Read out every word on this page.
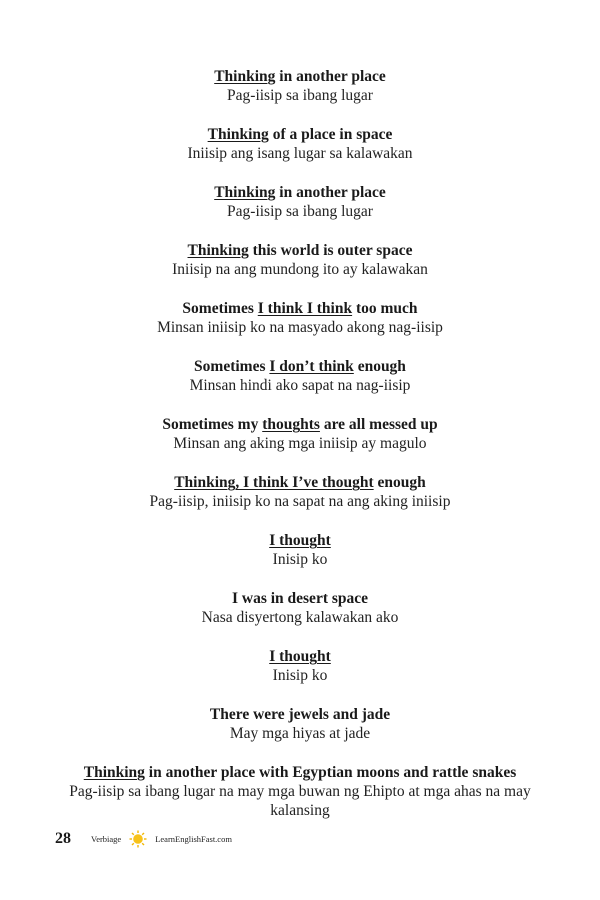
Thinking in another place
Pag-iisip sa ibang lugar
Thinking of a place in space
Iniisip ang isang lugar sa kalawakan
Thinking in another place
Pag-iisip sa ibang lugar
Thinking this world is outer space
Iniisip na ang mundong ito ay kalawakan
Sometimes I think I think too much
Minsan iniisip ko na masyado akong nag-iisip
Sometimes I don’t think enough
Minsan hindi ako sapat na nag-iisip
Sometimes my thoughts are all messed up
Minsan ang aking mga iniisip ay magulo
Thinking, I think I’ve thought enough
Pag-iisip, iniisip ko na sapat na ang aking iniisip
I thought
Inisip ko
I was in desert space
Nasa disyertong kalawakan ako
I thought
Inisip ko
There were jewels and jade
May mga hiyas at jade
Thinking in another place with Egyptian moons and rattle snakes
Pag-iisip sa ibang lugar na may mga buwan ng Ehipto at mga ahas na may kalansing
28 Verbiage	LearnEnglishFast.com
